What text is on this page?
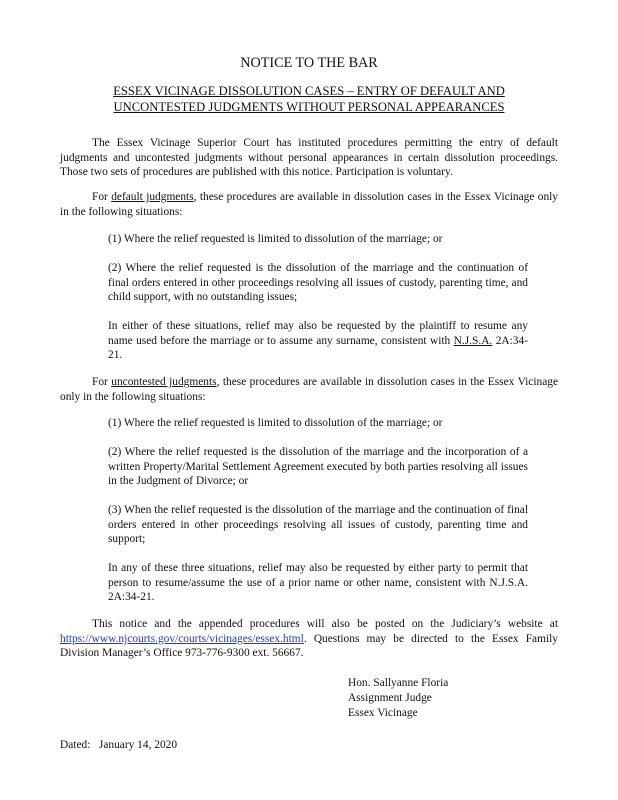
NOTICE TO THE BAR
ESSEX VICINAGE DISSOLUTION CASES – ENTRY OF DEFAULT AND
UNCONTESTED JUDGMENTS WITHOUT PERSONAL APPEARANCES

The Essex Vicinage Superior Court has instituted procedures permitting the entry of default judgments and uncontested judgments without personal appearances in certain dissolution proceedings. Those two sets of procedures are published with this notice. Participation is voluntary.

For default judgments, these procedures are available in dissolution cases in the Essex Vicinage only in the following situations:

(1) Where the relief requested is limited to dissolution of the marriage; or

(2) Where the relief requested is the dissolution of the marriage and the continuation of final orders entered in other proceedings resolving all issues of custody, parenting time, and child support, with no outstanding issues;

In either of these situations, relief may also be requested by the plaintiff to resume any name used before the marriage or to assume any surname, consistent with N.J.S.A. 2A:34-21.

For uncontested judgments, these procedures are available in dissolution cases in the Essex Vicinage only in the following situations:

(1) Where the relief requested is limited to dissolution of the marriage; or

(2) Where the relief requested is the dissolution of the marriage and the incorporation of a written Property/Marital Settlement Agreement executed by both parties resolving all issues in the Judgment of Divorce; or

(3) When the relief requested is the dissolution of the marriage and the continuation of final orders entered in other proceedings resolving all issues of custody, parenting time and support;

In any of these three situations, relief may also be requested by either party to permit that person to resume/assume the use of a prior name or other name, consistent with N.J.S.A. 2A:34-21.

This notice and the appended procedures will also be posted on the Judiciary’s website at https://www.njcourts.gov/courts/vicinages/essex.html. Questions may be directed to the Essex Family Division Manager’s Office 973-776-9300 ext. 56667.

Hon. Sallyanne Floria
Assignment Judge
Essex Vicinage
Dated:   January 14, 2020
